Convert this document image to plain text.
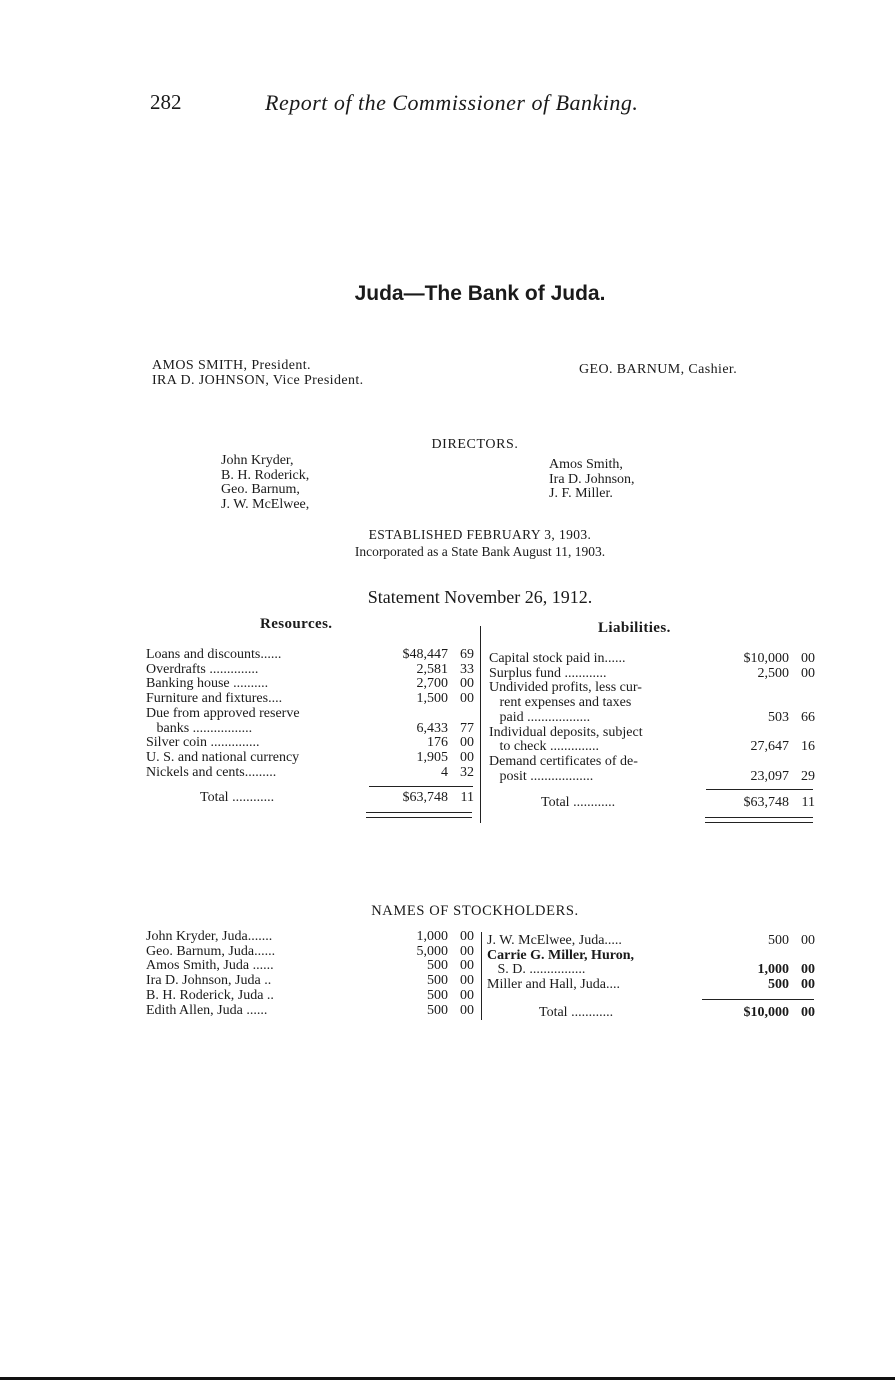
282	Report of the Commissioner of Banking.
Juda—The Bank of Juda.
AMOS SMITH, President.
IRA D. JOHNSON, Vice President.
GEO. BARNUM, Cashier.
DIRECTORS.
John Kryder,
B. H. Roderick,
Geo. Barnum,
J. W. McElwee,
Amos Smith,
Ira D. Johnson,
J. F. Miller.
ESTABLISHED FEBRUARY 3, 1903.
Incorporated as a State Bank August 11, 1903.
Statement November 26, 1912.
Resources.	Liabilities.
Loans and discounts......	$48,447 69
Overdrafts ..............	2,581 33
Banking house ..........	2,700 00
Furniture and fixtures....	1,500 00
Due from approved reserve
banks .................	6,433 77
Silver coin ..............	176 00
U. S. and national currency	1,905 00
Nickels and cents.........	4 32
Total ............	$63,748 11
Capital stock paid in......	$10,000 00
Surplus fund ............	2,500 00
Undivided profits, less cur-
rent expenses and taxes
paid ..................	503 66
Individual deposits, subject
to check ..............	27,647 16
Demand certificates of de-
posit ..................	23,097 29
Total ............	$63,748 11
NAMES OF STOCKHOLDERS.
John Kryder, Juda.......	1,000 00
Geo. Barnum, Juda......	5,000 00
Amos Smith, Juda ......	500 00
Ira D. Johnson, Juda ..	500 00
B. H. Roderick, Juda ..	500 00
Edith Allen, Juda ......	500 00
J. W. McElwee, Juda.....	500 00
Carrie G. Miller, Huron,
S. D. ................	1,000 00
Miller and Hall, Juda....	500 00
Total ............	$10,000 00
